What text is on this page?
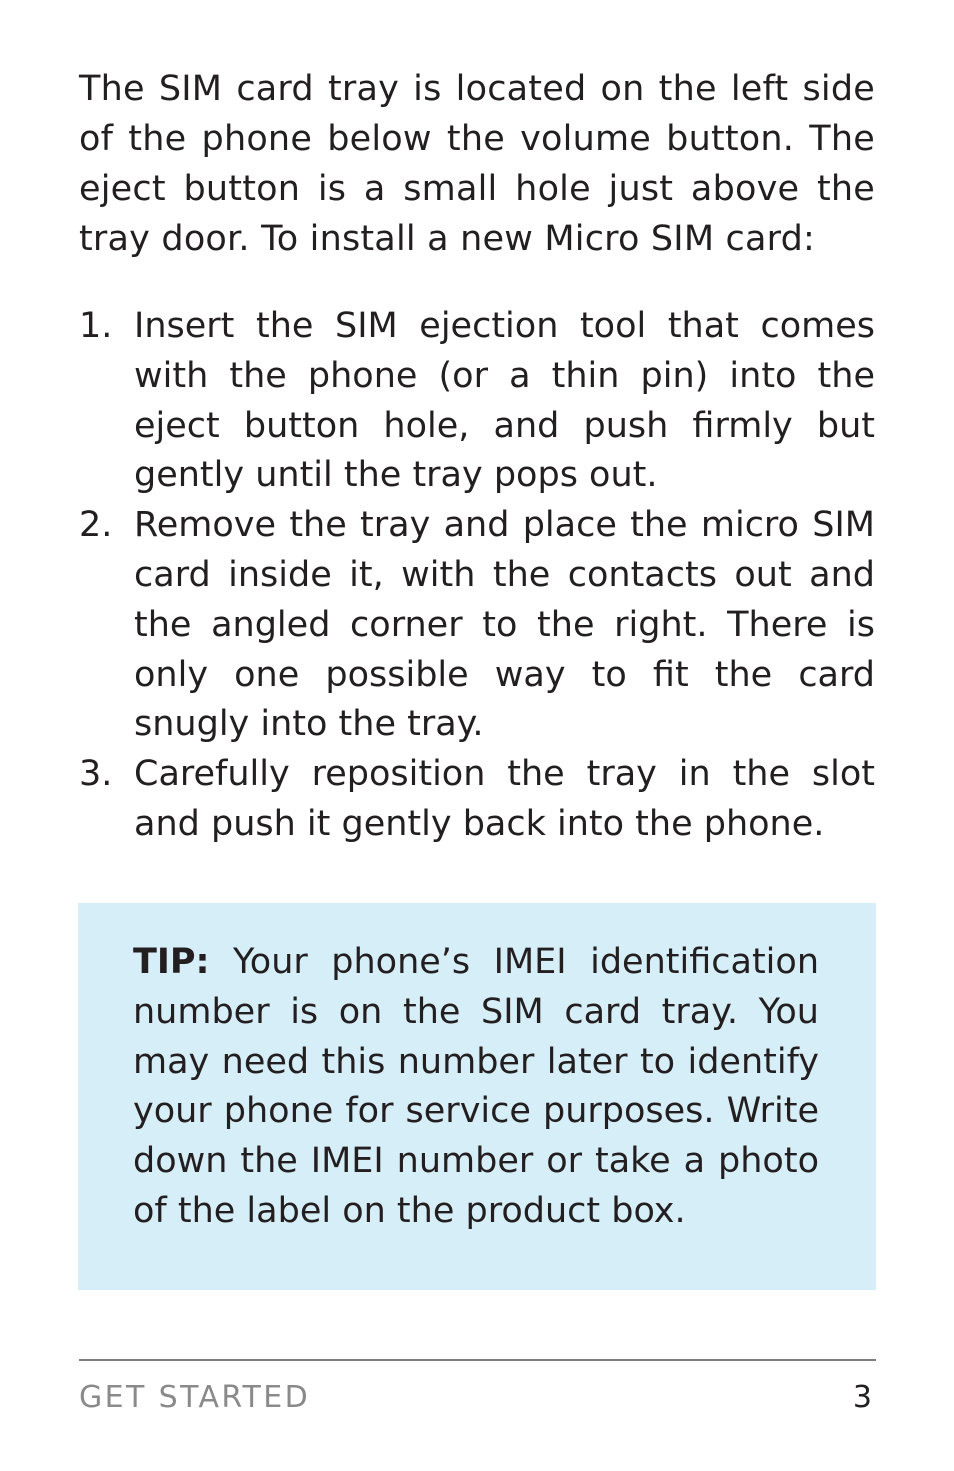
The SIM card tray is located on the left side of the phone below the volume button. The eject button is a small hole just above the tray door. To install a new Micro SIM card:

1. Insert the SIM ejection tool that comes with the phone (or a thin pin) into the eject button hole, and push firmly but gently until the tray pops out.
2. Remove the tray and place the micro SIM card inside it, with the contacts out and the angled corner to the right. There is only one possible way to fit the card snugly into the tray.
3. Carefully reposition the tray in the slot and push it gently back into the phone.

TIP: Your phone’s IMEI identification number is on the SIM card tray. You may need this number later to identify your phone for service purposes. Write down the IMEI number or take a photo of the label on the product box.

GET STARTED	3
